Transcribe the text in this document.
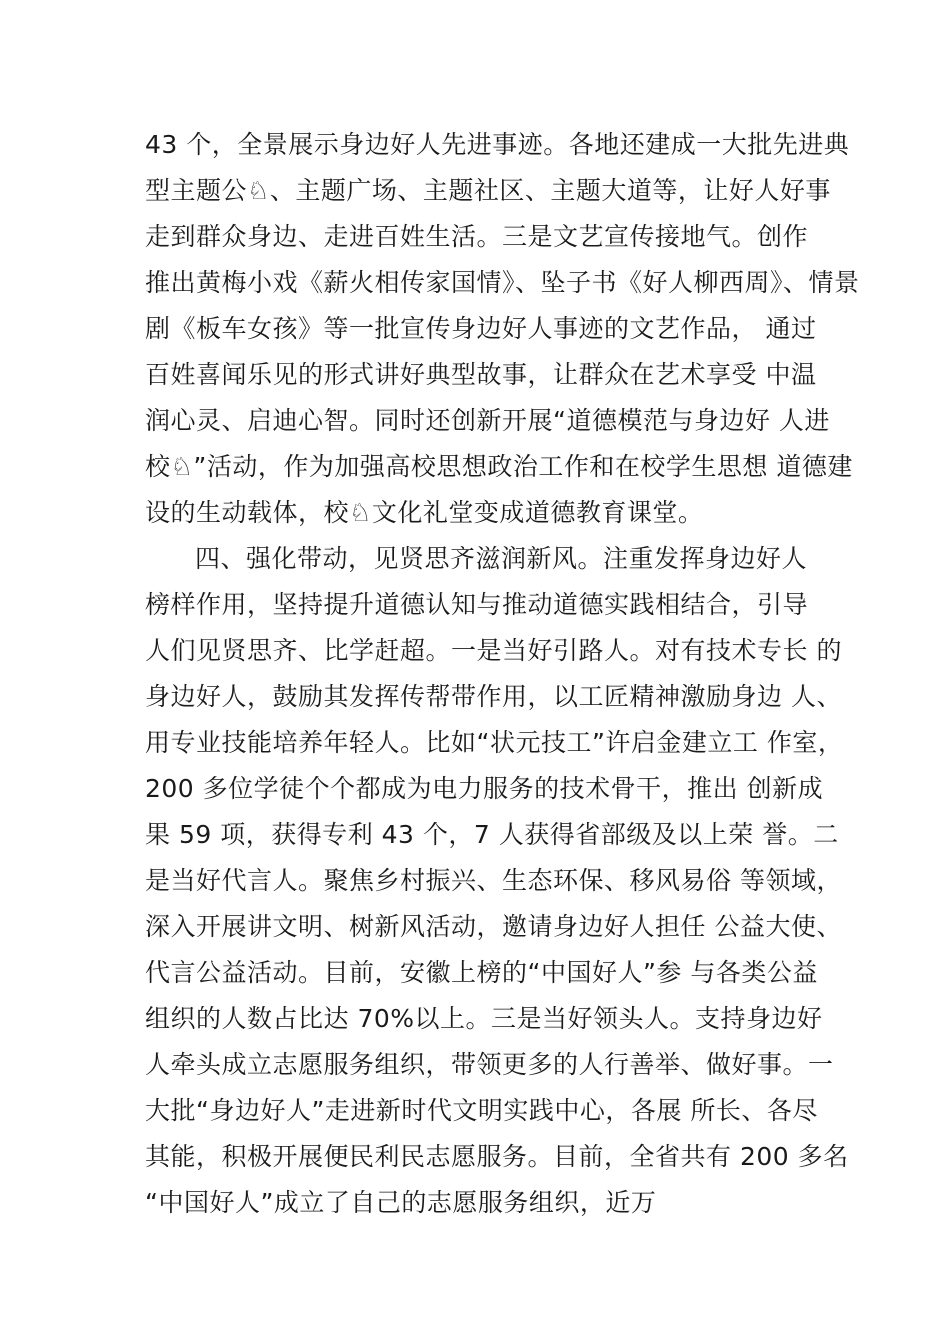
43 个，全景展示身边好人先进事迹。各地还建成一大批先进典
型主题公♘、主题广场、主题社区、主题大道等，让好人好事
走到群众身边、走进百姓生活。三是文艺宣传接地气。创作
推出黄梅小戏《薪火相传家国情》、坠子书《好人柳西周》、情景
剧《板车女孩》等一批宣传身边好人事迹的文艺作品， 通过
百姓喜闻乐见的形式讲好典型故事，让群众在艺术享受 中温
润心灵、启迪心智。同时还创新开展“道德模范与身边好 人进
校♘”活动，作为加强高校思想政治工作和在校学生思想 道德建
设的生动载体，校♘文化礼堂变成道德教育课堂。
四、强化带动，见贤思齐滋润新风。注重发挥身边好人
榜样作用，坚持提升道德认知与推动道德实践相结合，引导
人们见贤思齐、比学赶超。一是当好引路人。对有技术专长 的
身边好人，鼓励其发挥传帮带作用，以工匠精神激励身边 人、
用专业技能培养年轻人。比如“状元技工”许启金建立工 作室，
200 多位学徒个个都成为电力服务的技术骨干，推出 创新成
果 59 项，获得专利 43 个，7 人获得省部级及以上荣 誉。二
是当好代言人。聚焦乡村振兴、生态环保、移风易俗 等领域，
深入开展讲文明、树新风活动，邀请身边好人担任 公益大使、
代言公益活动。目前，安徽上榜的“中国好人”参 与各类公益
组织的人数占比达 70%以上。三是当好领头人。支持身边好
人牵头成立志愿服务组织，带领更多的人行善举、做好事。一
大批“身边好人”走进新时代文明实践中心，各展 所长、各尽
其能，积极开展便民利民志愿服务。目前，全省共有 200 多名
“中国好人”成立了自己的志愿服务组织，近万
